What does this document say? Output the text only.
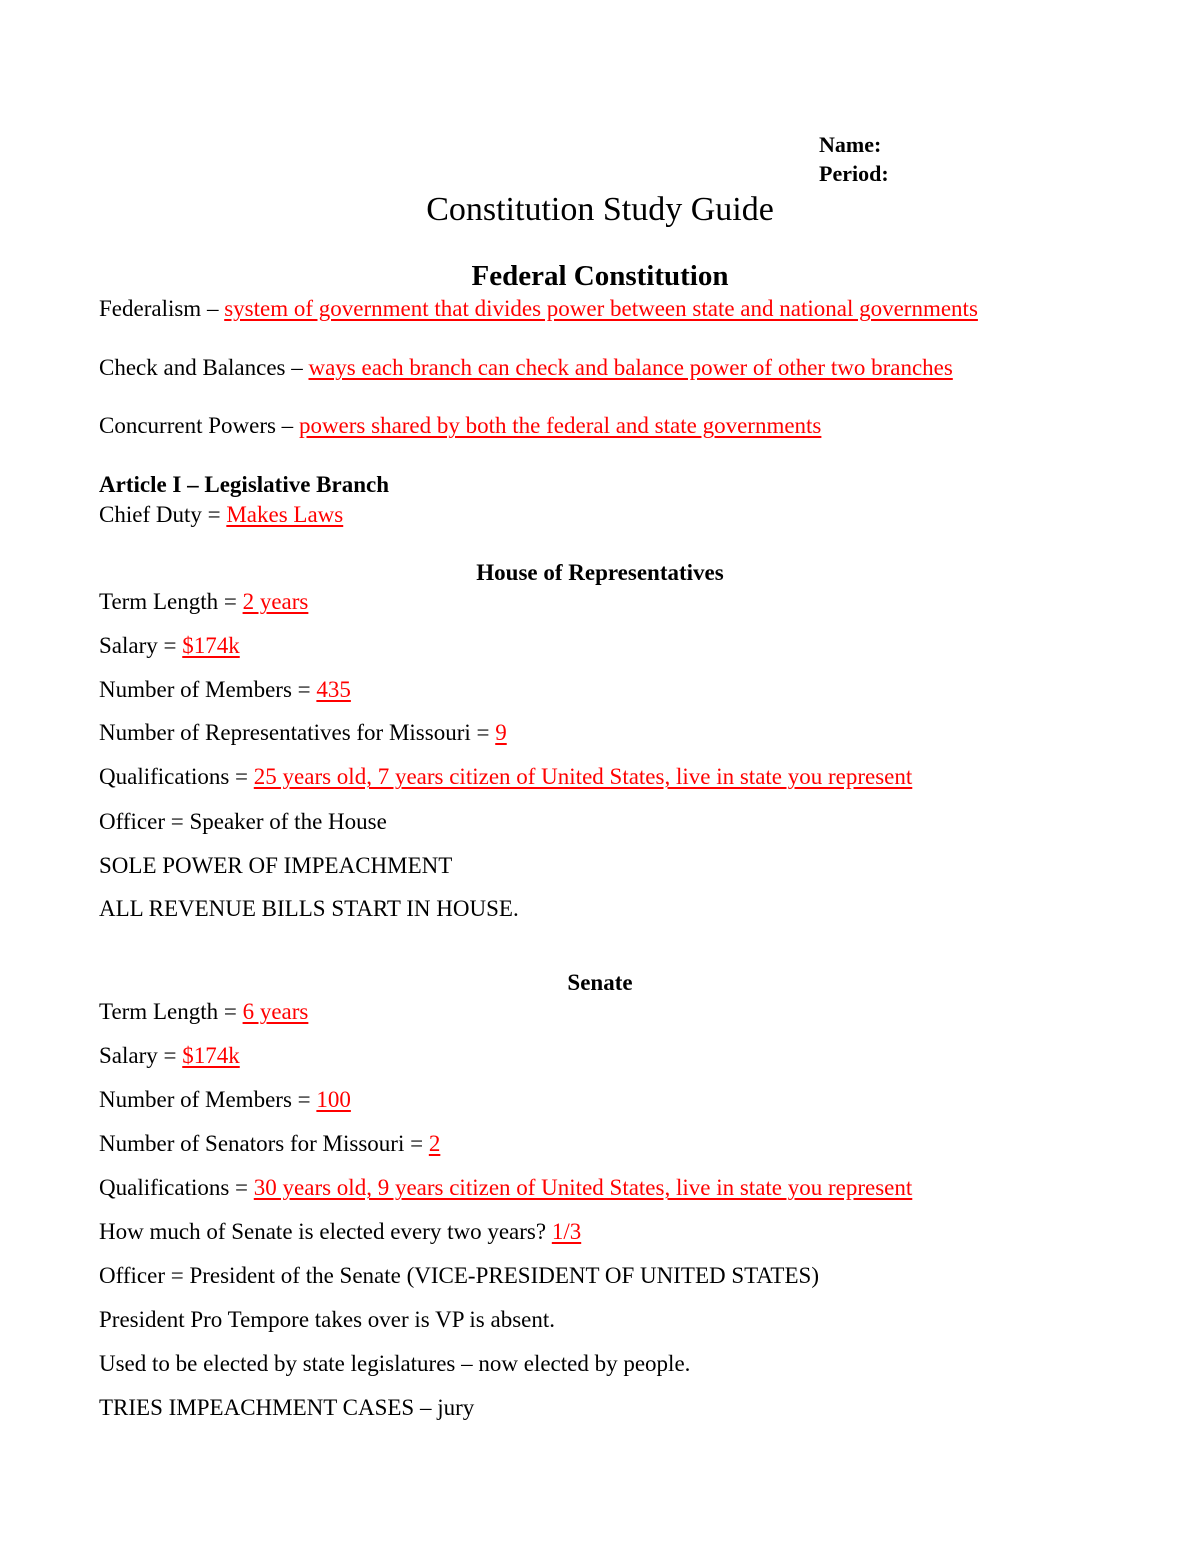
Name:
Period:
Constitution Study Guide
Federal Constitution
Federalism – system of government that divides power between state and national governments
Check and Balances – ways each branch can check and balance power of other two branches
Concurrent Powers – powers shared by both the federal and state governments
Article I – Legislative Branch
Chief Duty = Makes Laws
House of Representatives
Term Length = 2 years
Salary = $174k
Number of Members = 435
Number of Representatives for Missouri = 9
Qualifications = 25 years old, 7 years citizen of United States, live in state you represent
Officer = Speaker of the House
SOLE POWER OF IMPEACHMENT
ALL REVENUE BILLS START IN HOUSE.
Senate
Term Length = 6 years
Salary = $174k
Number of Members = 100
Number of Senators for Missouri = 2
Qualifications = 30 years old, 9 years citizen of United States, live in state you represent
How much of Senate is elected every two years? 1/3
Officer = President of the Senate (VICE-PRESIDENT OF UNITED STATES)
President Pro Tempore takes over is VP is absent.
Used to be elected by state legislatures – now elected by people.
TRIES IMPEACHMENT CASES – jury
